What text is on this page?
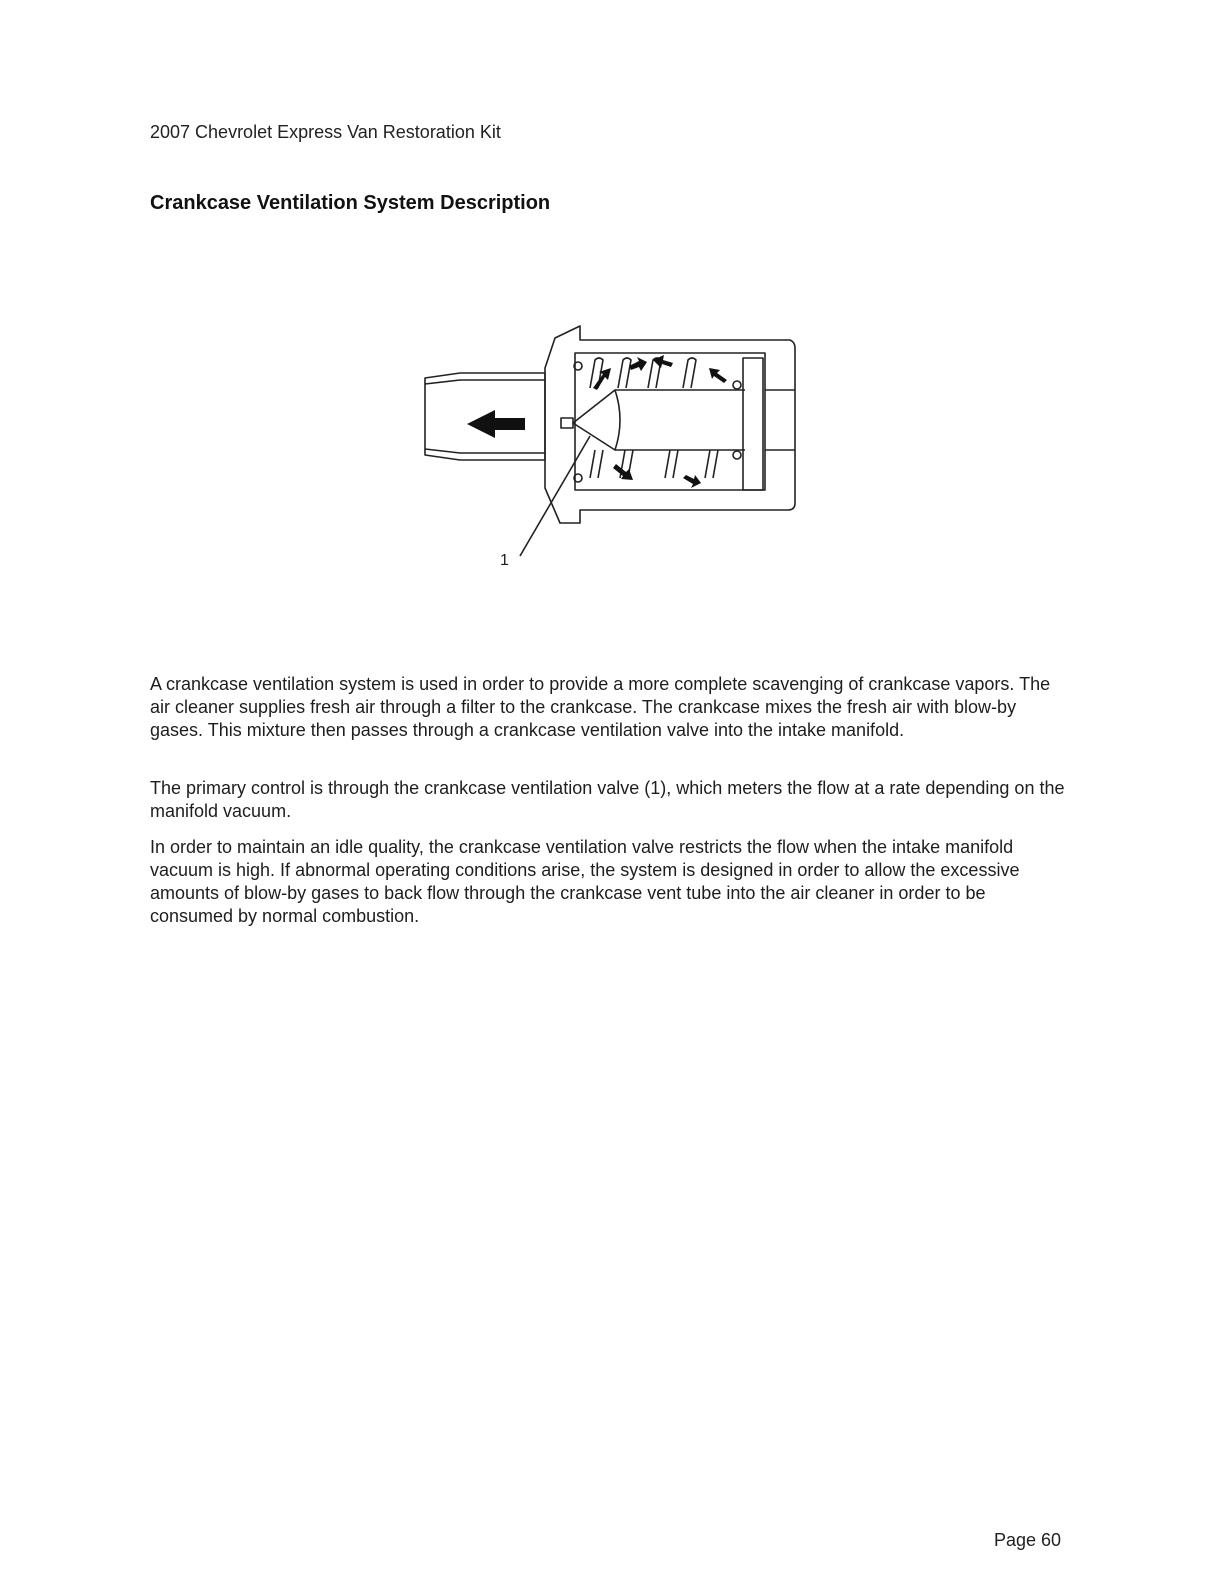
2007 Chevrolet Express Van Restoration Kit
Crankcase Ventilation System Description
1

A crankcase ventilation system is used in order to provide a more complete scavenging of crankcase vapors. The air cleaner supplies fresh air through a filter to the crankcase. The crankcase mixes the fresh air with blow-by gases. This mixture then passes through a crankcase ventilation valve into the intake manifold.

The primary control is through the crankcase ventilation valve (1), which meters the flow at a rate depending on the manifold vacuum.

In order to maintain an idle quality, the crankcase ventilation valve restricts the flow when the intake manifold vacuum is high. If abnormal operating conditions arise, the system is designed in order to allow the excessive amounts of blow-by gases to back flow through the crankcase vent tube into the air cleaner in order to be consumed by normal combustion.

Page 60
